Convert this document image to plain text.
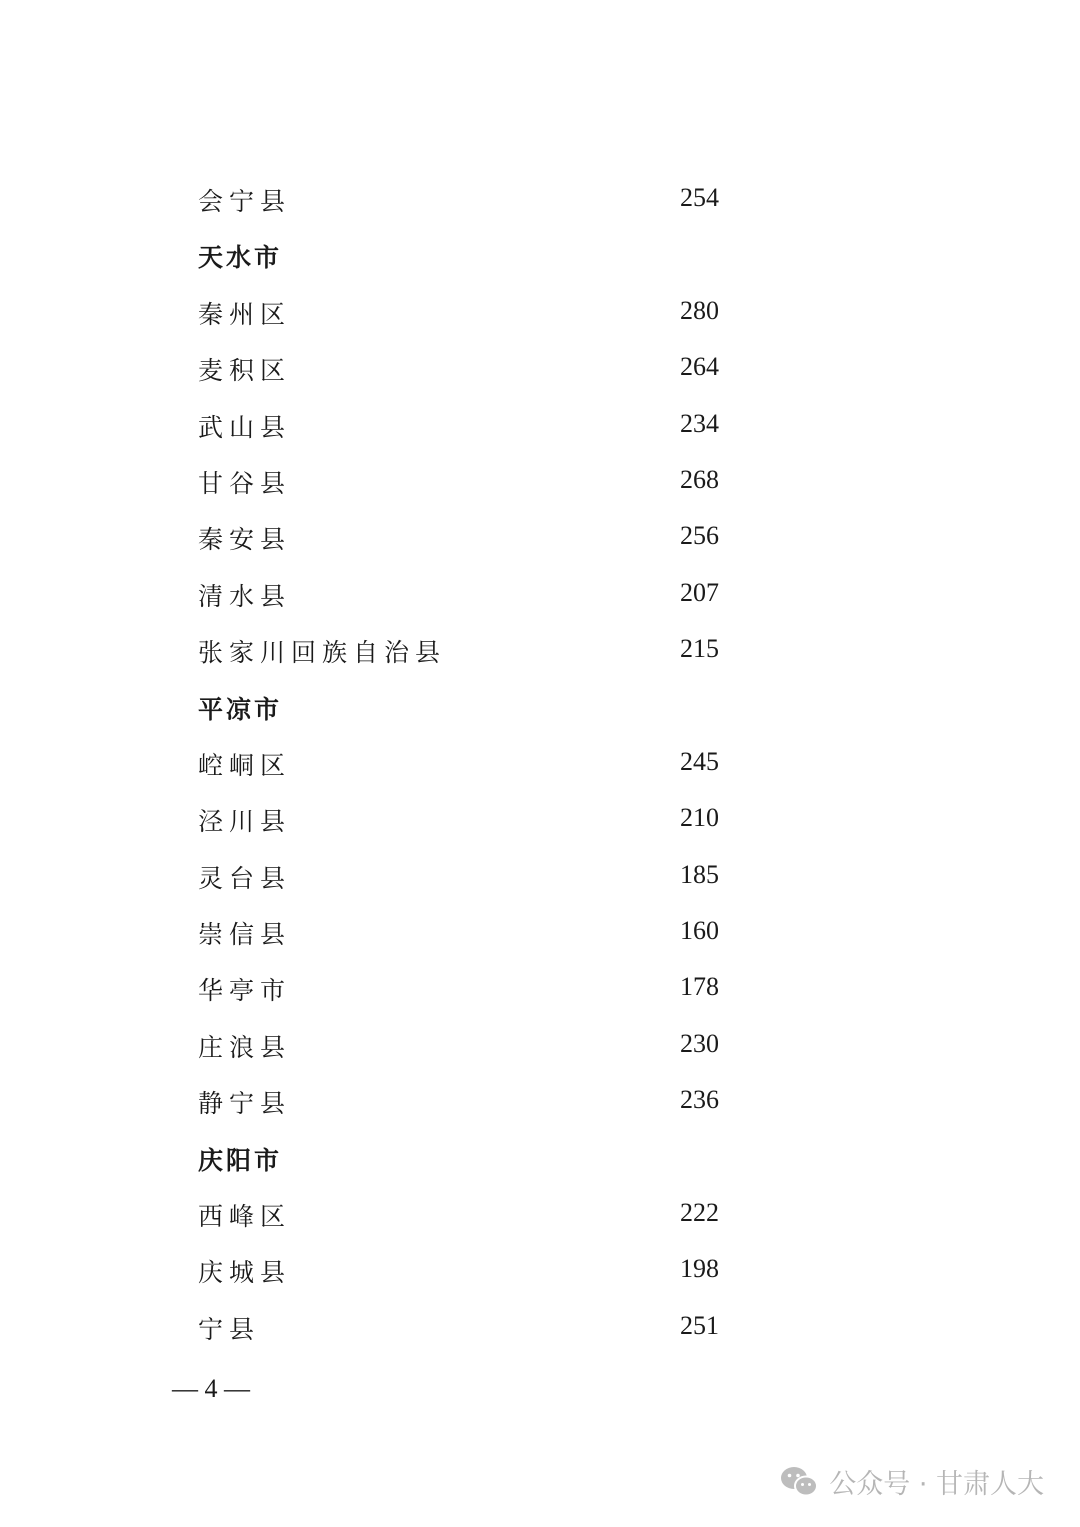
会宁县	254
天水市
秦州区	280
麦积区	264
武山县	234
甘谷县	268
秦安县	256
清水县	207
张家川回族自治县	215
平凉市
崆峒区	245
泾川县	210
灵台县	185
崇信县	160
华亭市	178
庄浪县	230
静宁县	236
庆阳市
西峰区	222
庆城县	198
宁县	251
— 4 —
公众号 · 甘肃人大
